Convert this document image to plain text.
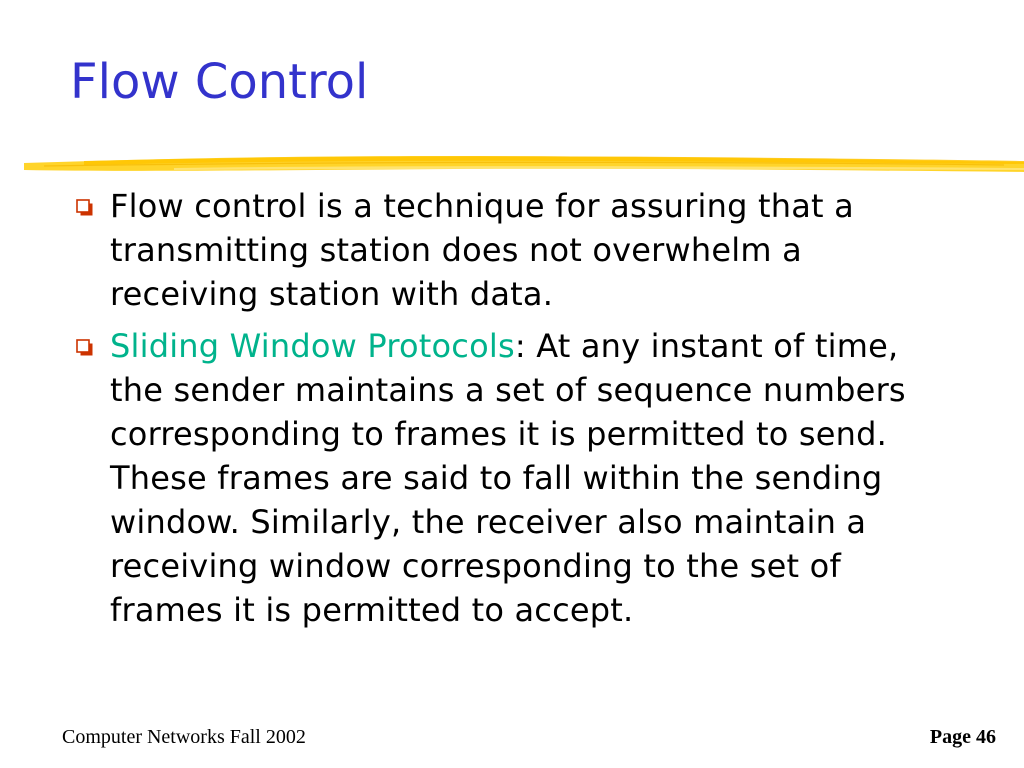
Flow Control
Flow control is a technique for assuring that a transmitting station does not overwhelm a receiving station with data.
Sliding Window Protocols: At any instant of time, the sender maintains a set of sequence numbers corresponding to frames it is permitted to send. These frames are said to fall within the sending window. Similarly, the receiver also maintain a receiving window corresponding to the set of frames it is permitted to accept.
Computer Networks Fall 2002	Page 46
